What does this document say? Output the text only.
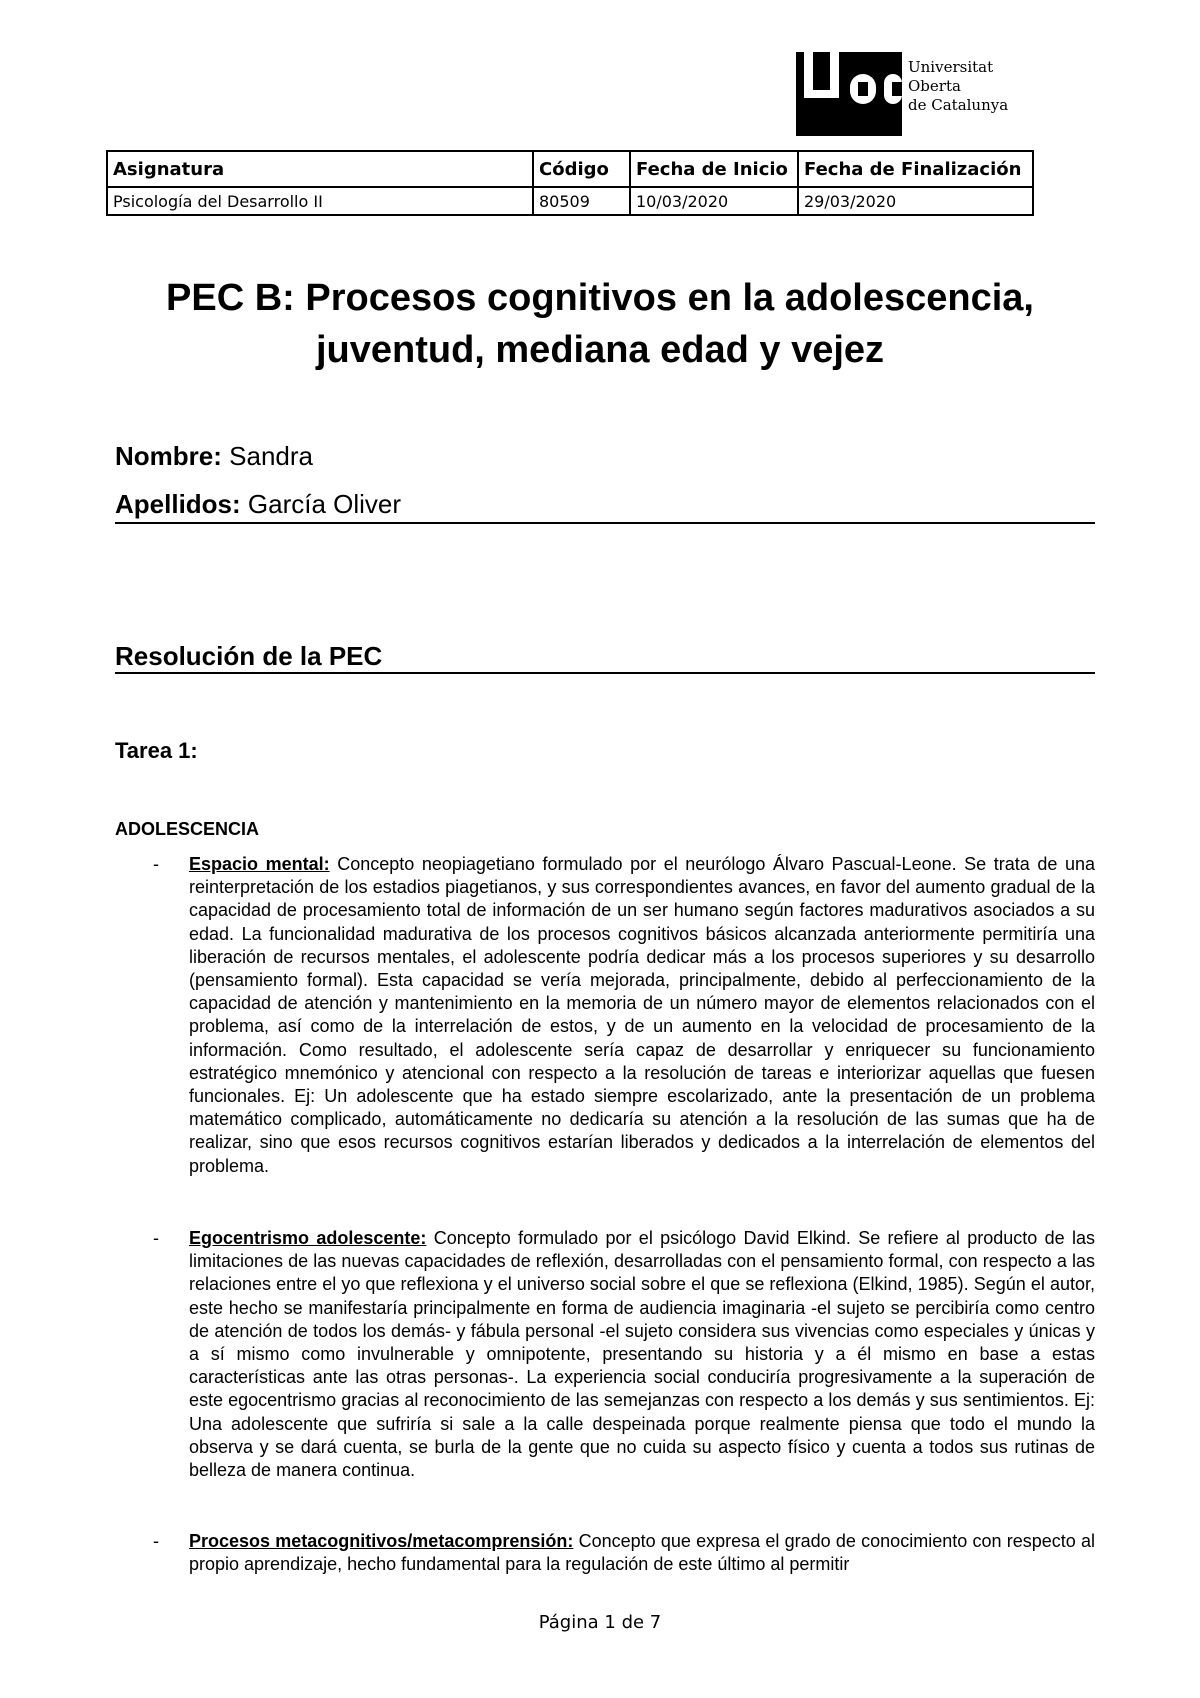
Universitat
Oberta
de Catalunya
Asignatura	Código	Fecha de Inicio	Fecha de Finalización
Psicología del Desarrollo II	80509	10/03/2020	29/03/2020
PEC B: Procesos cognitivos en la adolescencia, juventud, mediana edad y vejez
Nombre: Sandra
Apellidos: García Oliver
Resolución de la PEC
Tarea 1:
ADOLESCENCIA
- Espacio mental: Concepto neopiagetiano formulado por el neurólogo Álvaro Pascual-Leone. Se trata de una reinterpretación de los estadios piagetianos, y sus correspondientes avances, en favor del aumento gradual de la capacidad de procesamiento total de información de un ser humano según factores madurativos asociados a su edad. La funcionalidad madurativa de los procesos cognitivos básicos alcanzada anteriormente permitiría una liberación de recursos mentales, el adolescente podría dedicar más a los procesos superiores y su desarrollo (pensamiento formal). Esta capacidad se vería mejorada, principalmente, debido al perfeccionamiento de la capacidad de atención y mantenimiento en la memoria de un número mayor de elementos relacionados con el problema, así como de la interrelación de estos, y de un aumento en la velocidad de procesamiento de la información. Como resultado, el adolescente sería capaz de desarrollar y enriquecer su funcionamiento estratégico mnemónico y atencional con respecto a la resolución de tareas e interiorizar aquellas que fuesen funcionales. Ej: Un adolescente que ha estado siempre escolarizado, ante la presentación de un problema matemático complicado, automáticamente no dedicaría su atención a la resolución de las sumas que ha de realizar, sino que esos recursos cognitivos estarían liberados y dedicados a la interrelación de elementos del problema.
- Egocentrismo adolescente: Concepto formulado por el psicólogo David Elkind. Se refiere al producto de las limitaciones de las nuevas capacidades de reflexión, desarrolladas con el pensamiento formal, con respecto a las relaciones entre el yo que reflexiona y el universo social sobre el que se reflexiona (Elkind, 1985). Según el autor, este hecho se manifestaría principalmente en forma de audiencia imaginaria -el sujeto se percibiría como centro de atención de todos los demás- y fábula personal -el sujeto considera sus vivencias como especiales y únicas y a sí mismo como invulnerable y omnipotente, presentando su historia y a él mismo en base a estas características ante las otras personas-. La experiencia social conduciría progresivamente a la superación de este egocentrismo gracias al reconocimiento de las semejanzas con respecto a los demás y sus sentimientos. Ej: Una adolescente que sufriría si sale a la calle despeinada porque realmente piensa que todo el mundo la observa y se dará cuenta, se burla de la gente que no cuida su aspecto físico y cuenta a todos sus rutinas de belleza de manera continua.
- Procesos metacognitivos/metacomprensión: Concepto que expresa el grado de conocimiento con respecto al propio aprendizaje, hecho fundamental para la regulación de este último al permitir
Página 1 de 7
